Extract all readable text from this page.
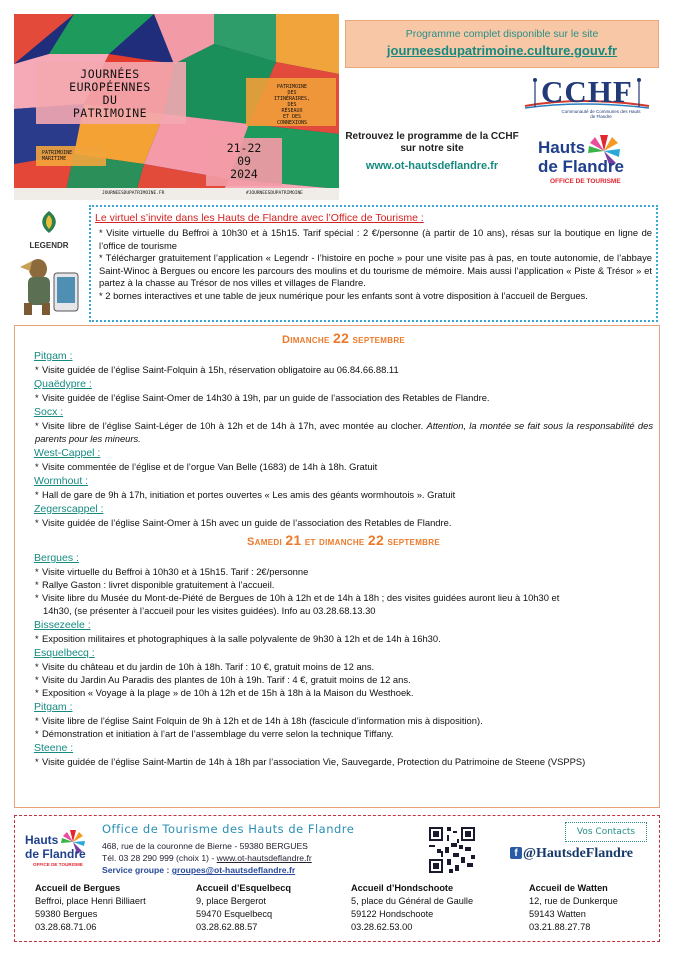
JOURNÉES
EUROPÉENNES
DU
PATRIMOINE
PATRIMOINE
DES
ITINÉRAIRES,
DES
RÉSEAUX
ET DES
CONNEXIONS
21-22
09
2024
PATRIMOINE
MARITIME
JOURNEESDUPATRIMOINE.FR	#JOURNEESDUPATRIMOINE
Programme complet disponible sur le site
journeesdupatrimoine.culture.gouv.fr
CCHF
Communauté de Communes des Hauts de Flandre
Retrouvez le programme de la CCHF
sur notre site
www.ot-hautsdeflandre.fr
Hauts
de Flandre
OFFICE DE TOURISME
LEGENDR
Le virtuel s’invite dans les Hauts de Flandre avec l’Office de Tourisme :
* Visite virtuelle du Beffroi à 10h30 et à 15h15. Tarif spécial : 2 €/personne (à partir de 10 ans), résas sur la boutique en ligne de l’office de tourisme
* Télécharger gratuitement l’application « Legendr - l’histoire en poche » pour une visite pas à pas, en toute autonomie, de l’abbaye Saint-Winoc à Bergues ou encore les parcours des moulins et du tourisme de mémoire. Mais aussi l’application « Piste & Trésor » et partez à la chasse au Trésor de nos villes et villages de Flandre.
* 2 bornes interactives et une table de jeux numérique pour les enfants sont à votre disposition à l’accueil de Bergues.
Dimanche 22 septembre
Pitgam :
* Visite guidée de l’église Saint-Folquin à 15h, réservation obligatoire au 06.84.66.88.11
Quaëdypre :
* Visite guidée de l’église Saint-Omer de 14h30 à 19h, par un guide de l’association des Retables de Flandre.
Socx :
* Visite libre de l’église Saint-Léger de 10h à 12h et de 14h à 17h, avec montée au clocher. Attention, la montée se fait sous la responsabilité des parents pour les mineurs.
West-Cappel :
* Visite commentée de l’église et de l’orgue Van Belle (1683) de 14h à 18h. Gratuit
Wormhout :
* Hall de gare de 9h à 17h, initiation et portes ouvertes « Les amis des géants wormhoutois ». Gratuit
Zegerscappel :
* Visite guidée de l’église Saint-Omer à 15h avec un guide de l’association des Retables de Flandre.
Samedi 21 et dimanche 22 septembre
Bergues :
* Visite virtuelle du Beffroi à 10h30 et à 15h15. Tarif : 2€/personne
* Rallye Gaston : livret disponible gratuitement à l’accueil.
* Visite libre du Musée du Mont-de-Piété de Bergues de 10h à 12h et de 14h à 18h ; des visites guidées auront lieu à 10h30 et
14h30, (se présenter à l’accueil pour les visites guidées). Info au 03.28.68.13.30
Bissezeele :
* Exposition militaires et photographiques à la salle polyvalente de 9h30 à 12h et de 14h à 16h30.
Esquelbecq :
* Visite du château et du jardin de 10h à 18h. Tarif : 10 €, gratuit moins de 12 ans.
* Visite du Jardin Au Paradis des plantes de 10h à 19h. Tarif : 4 €, gratuit moins de 12 ans.
* Exposition « Voyage à la plage » de 10h à 12h et de 15h à 18h à la Maison du Westhoek.
Pitgam :
* Visite libre de l’église Saint Folquin de 9h à 12h et de 14h à 18h (fascicule d’information mis à disposition).
* Démonstration et initiation à l’art de l’assemblage du verre selon la technique Tiffany.
Steene :
* Visite guidée de l’église Saint-Martin de 14h à 18h par l’association Vie, Sauvegarde, Protection du Patrimoine de Steene (VSPPS)
Hauts
de Flandre
OFFICE DE TOURISME
Office de Tourisme des Hauts de Flandre
468, rue de la couronne de Bierne - 59380 BERGUES
Tél. 03 28 290 999 (choix 1) - www.ot-hautsdeflandre.fr
Service groupe : groupes@ot-hautsdeflandre.fr
Vos Contacts
f @HautsdeFlandre
Accueil de Bergues
Beffroi, place Henri Billiaert
59380 Bergues
03.28.68.71.06
Accueil d’Esquelbecq
9, place Bergerot
59470 Esquelbecq
03.28.62.88.57
Accueil d’Hondschoote
5, place du Général de Gaulle
59122 Hondschoote
03.28.62.53.00
Accueil de Watten
12, rue de Dunkerque
59143 Watten
03.21.88.27.78
